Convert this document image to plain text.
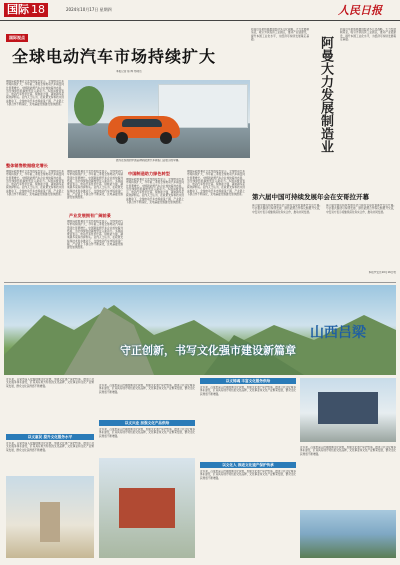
国际 18	2024年10月17日 星期四	人民日报
国际视点
全球电动汽车市场持续扩大
本报记者 陈 晔 郑明达
据国际能源署近日发布的报告显示，全球电动汽车市场持续扩大，今年前三季度全球电动汽车销量同比显著增长。中国新能源汽车企业加快海外布局，为全球绿色低碳转型注入新动力。多国消费者表示，电动汽车性价比高、续航能力强，越来越多家庭选择购买。业内人士认为，在政策支持和技术进步推动下，全球电动汽车市场前景广阔，产业链上下游合作不断深化，充电基础设施建设加快推进。
图为在泰国的中国品牌新能源汽车销售门店展示的车辆。
整体销售数据稳定增长
据国际能源署近日发布的报告显示，全球电动汽车市场持续扩大，今年前三季度全球电动汽车销量同比显著增长。中国新能源汽车企业加快海外布局，为全球绿色低碳转型注入新动力。多国消费者表示，电动汽车性价比高、续航能力强，越来越多家庭选择购买。业内人士认为，在政策支持和技术进步推动下，全球电动汽车市场前景广阔，产业链上下游合作不断深化，充电基础设施建设加快推进。
据国际能源署近日发布的报告显示，全球电动汽车市场持续扩大，今年前三季度全球电动汽车销量同比显著增长。中国新能源汽车企业加快海外布局，为全球绿色低碳转型注入新动力。多国消费者表示，电动汽车性价比高、续航能力强，越来越多家庭选择购买。业内人士认为，在政策支持和技术进步推动下，全球电动汽车市场前景广阔，产业链上下游合作不断深化，充电基础设施建设加快推进。
产业发展拥有广阔前景
据国际能源署近日发布的报告显示，全球电动汽车市场持续扩大，今年前三季度全球电动汽车销量同比显著增长。中国新能源汽车企业加快海外布局，为全球绿色低碳转型注入新动力。多国消费者表示，电动汽车性价比高、续航能力强，越来越多家庭选择购买。业内人士认为，在政策支持和技术进步推动下，全球电动汽车市场前景广阔，产业链上下游合作不断深化，充电基础设施建设加快推进。
中国制造助力绿色转型
据国际能源署近日发布的报告显示，全球电动汽车市场持续扩大，今年前三季度全球电动汽车销量同比显著增长。中国新能源汽车企业加快海外布局，为全球绿色低碳转型注入新动力。多国消费者表示，电动汽车性价比高、续航能力强，越来越多家庭选择购买。业内人士认为，在政策支持和技术进步推动下，全球电动汽车市场前景广阔，产业链上下游合作不断深化，充电基础设施建设加快推进。
据国际能源署近日发布的报告显示，全球电动汽车市场持续扩大，今年前三季度全球电动汽车销量同比显著增长。中国新能源汽车企业加快海外布局，为全球绿色低碳转型注入新动力。多国消费者表示，电动汽车性价比高、续航能力强，越来越多家庭选择购买。业内人士认为，在政策支持和技术进步推动下，全球电动汽车市场前景广阔，产业链上下游合作不断深化，充电基础设施建设加快推进。
阿曼近年来积极推进经济多元化战略，大力发展制造业，吸引外资投资工业园区，推动产业链建设，提升本国工业化水平，为经济可持续发展奠定基础。	阿曼大力发展制造业
阿曼近年来积极推进经济多元化战略，大力发展制造业，吸引外资投资工业园区，推动产业链建设，提升本国工业化水平，为经济可持续发展奠定基础。
第六届中国可持续发展年会在安哥拉开幕
第六届中国可持续发展年会日前在安哥拉首都罗安达开幕。与会嘉宾围绕可持续发展、绿色能源合作等议题展开交流，中安双方表示将继续深化务实合作，推动共同发展。
第六届中国可持续发展年会日前在安哥拉首都罗安达开幕。与会嘉宾围绕可持续发展、绿色能源合作等议题展开交流，中安双方表示将继续深化务实合作，推动共同发展。
本报罗安达10月16日电
山西吕梁
守正创新，书写文化强市建设新篇章
近年来，吕梁市深入挖掘地域文化资源，加强文化遗产保护传承，推进公共文化服务体系建设，打造具有地方特色的文化品牌，文化事业和文化产业繁荣发展，群众文化获得感不断增强。
以文惠民 提升文化服务水平
近年来，吕梁市深入挖掘地域文化资源，加强文化遗产保护传承，推进公共文化服务体系建设，打造具有地方特色的文化品牌，文化事业和文化产业繁荣发展，群众文化获得感不断增强。
近年来，吕梁市深入挖掘地域文化资源，加强文化遗产保护传承，推进公共文化服务体系建设，打造具有地方特色的文化品牌，文化事业和文化产业繁荣发展，群众文化获得感不断增强。
以文兴业 加强文化产品供给
近年来，吕梁市深入挖掘地域文化资源，加强文化遗产保护传承，推进公共文化服务体系建设，打造具有地方特色的文化品牌，文化事业和文化产业繁荣发展，群众文化获得感不断增强。
以文铸魂 丰富文化服务供给
近年来，吕梁市深入挖掘地域文化资源，加强文化遗产保护传承，推进公共文化服务体系建设，打造具有地方特色的文化品牌，文化事业和文化产业繁荣发展，群众文化获得感不断增强。
以文化人 推进文化遗产保护传承
近年来，吕梁市深入挖掘地域文化资源，加强文化遗产保护传承，推进公共文化服务体系建设，打造具有地方特色的文化品牌，文化事业和文化产业繁荣发展，群众文化获得感不断增强。
近年来，吕梁市深入挖掘地域文化资源，加强文化遗产保护传承，推进公共文化服务体系建设，打造具有地方特色的文化品牌，文化事业和文化产业繁荣发展，群众文化获得感不断增强。
